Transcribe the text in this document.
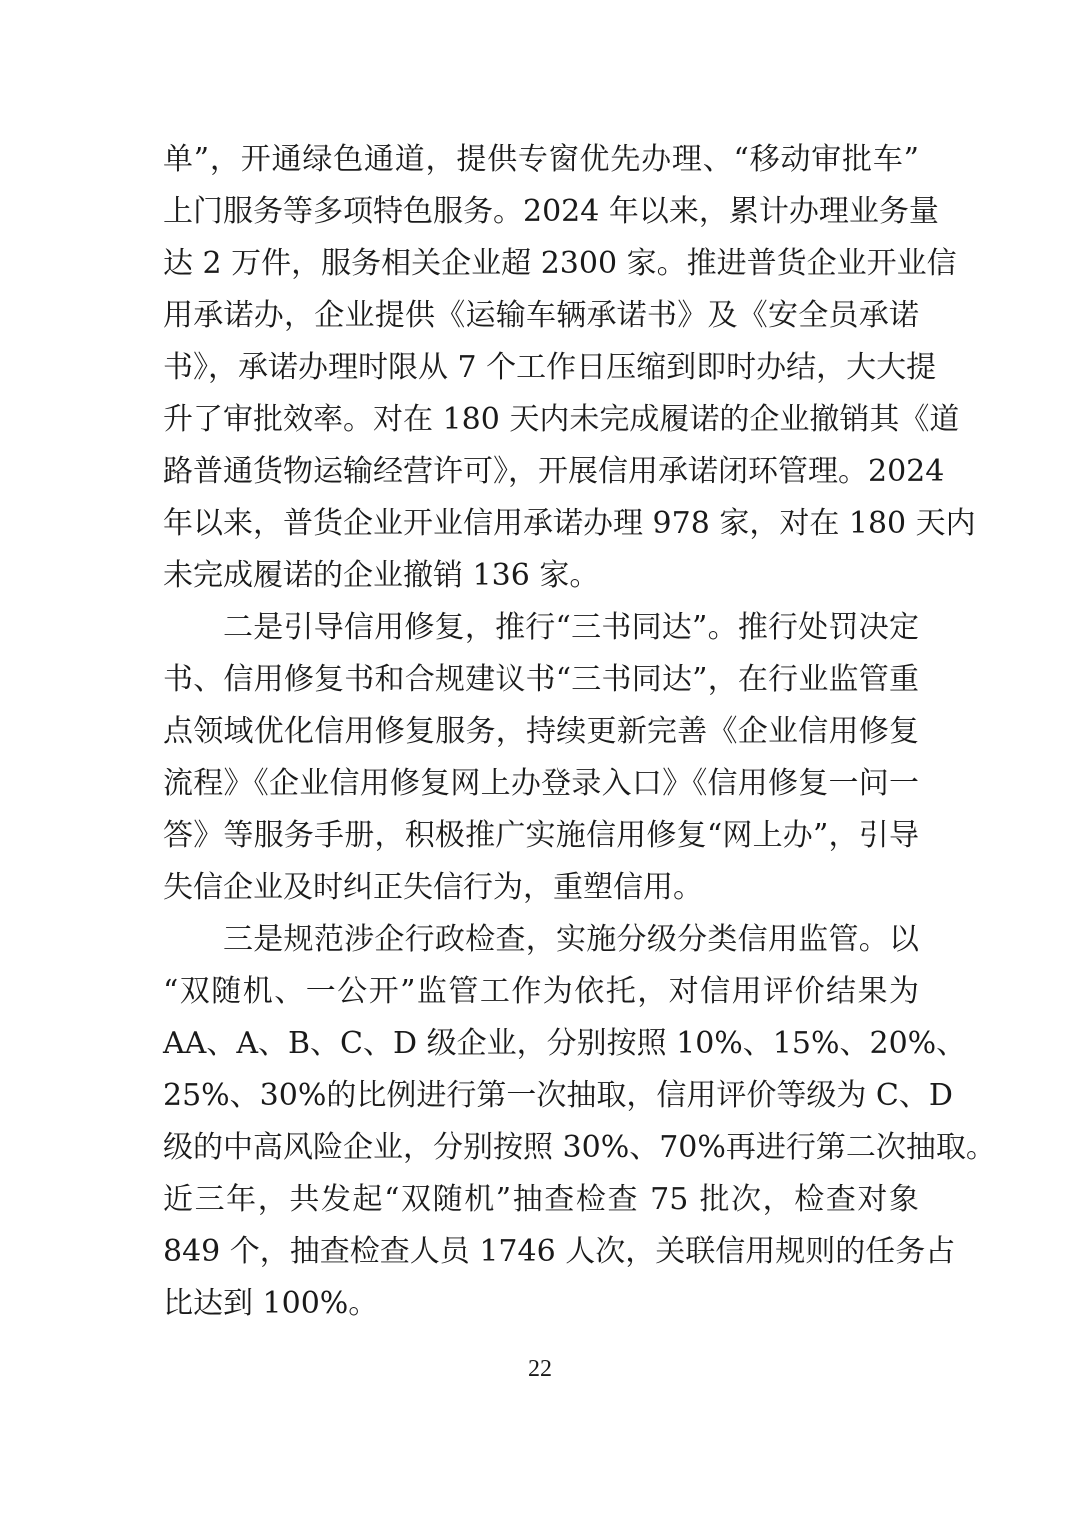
单”，开通绿色通道，提供专窗优先办理、“移动审批车”
上门服务等多项特色服务。2024 年以来，累计办理业务量
达 2 万件，服务相关企业超 2300 家。推进普货企业开业信
用承诺办，企业提供《运输车辆承诺书》及《安全员承诺
书》，承诺办理时限从 7 个工作日压缩到即时办结，大大提
升了审批效率。对在 180 天内未完成履诺的企业撤销其《道
路普通货物运输经营许可》，开展信用承诺闭环管理。2024
年以来，普货企业开业信用承诺办理 978 家，对在 180 天内
未完成履诺的企业撤销 136 家。
二是引导信用修复，推行“三书同达”。推行处罚决定
书、信用修复书和合规建议书“三书同达”，在行业监管重
点领域优化信用修复服务，持续更新完善《企业信用修复
流程》《企业信用修复网上办登录入口》《信用修复一问一
答》等服务手册，积极推广实施信用修复“网上办”，引导
失信企业及时纠正失信行为，重塑信用。
三是规范涉企行政检查，实施分级分类信用监管。以
“双随机、一公开”监管工作为依托，对信用评价结果为
AA、A、B、C、D 级企业，分别按照 10%、15%、20%、
25%、30%的比例进行第一次抽取，信用评价等级为 C、D
级的中高风险企业，分别按照 30%、70%再进行第二次抽取。
近三年，共发起“双随机”抽查检查 75 批次，检查对象
849 个，抽查检查人员 1746 人次，关联信用规则的任务占
比达到 100%。
22
